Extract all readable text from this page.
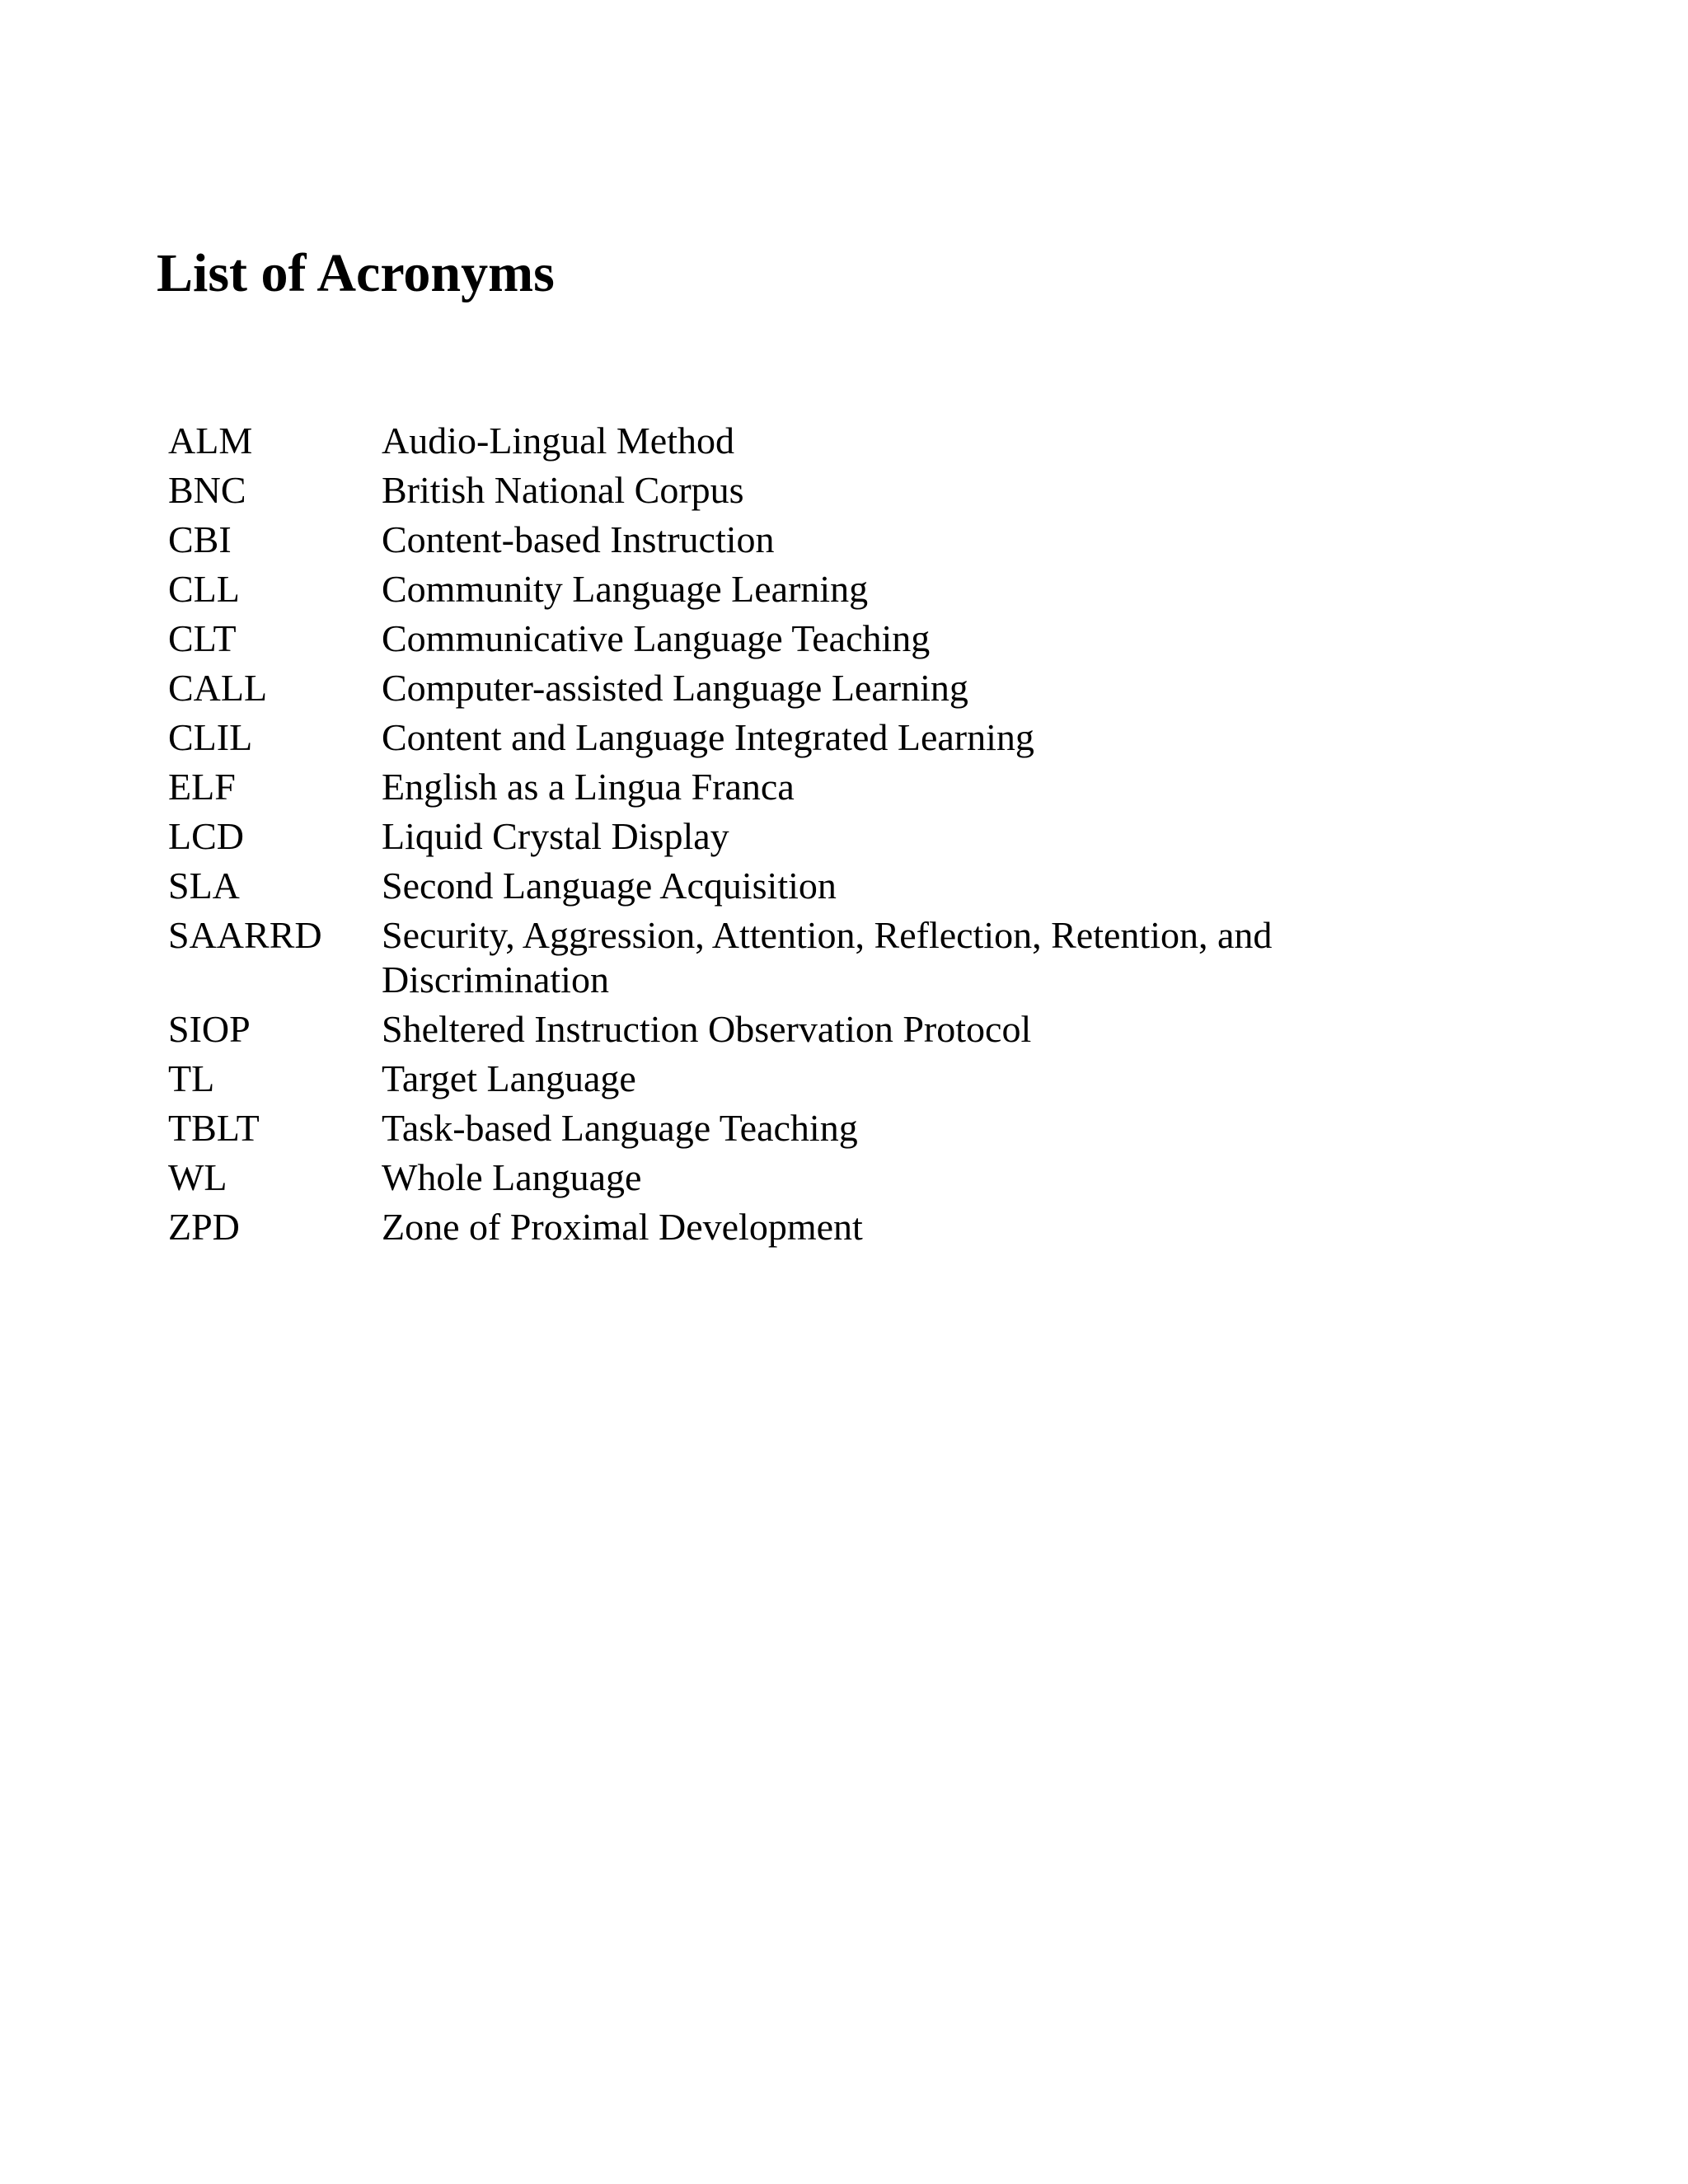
List of Acronyms
ALM	Audio-Lingual Method
BNC	British National Corpus
CBI	Content-based Instruction
CLL	Community Language Learning
CLT	Communicative Language Teaching
CALL	Computer-assisted Language Learning
CLIL	Content and Language Integrated Learning
ELF	English as a Lingua Franca
LCD	Liquid Crystal Display
SLA	Second Language Acquisition
SAARRD	Security, Aggression, Attention, Reflection, Retention, and Discrimination
SIOP	Sheltered Instruction Observation Protocol
TL	Target Language
TBLT	Task-based Language Teaching
WL	Whole Language
ZPD	Zone of Proximal Development
